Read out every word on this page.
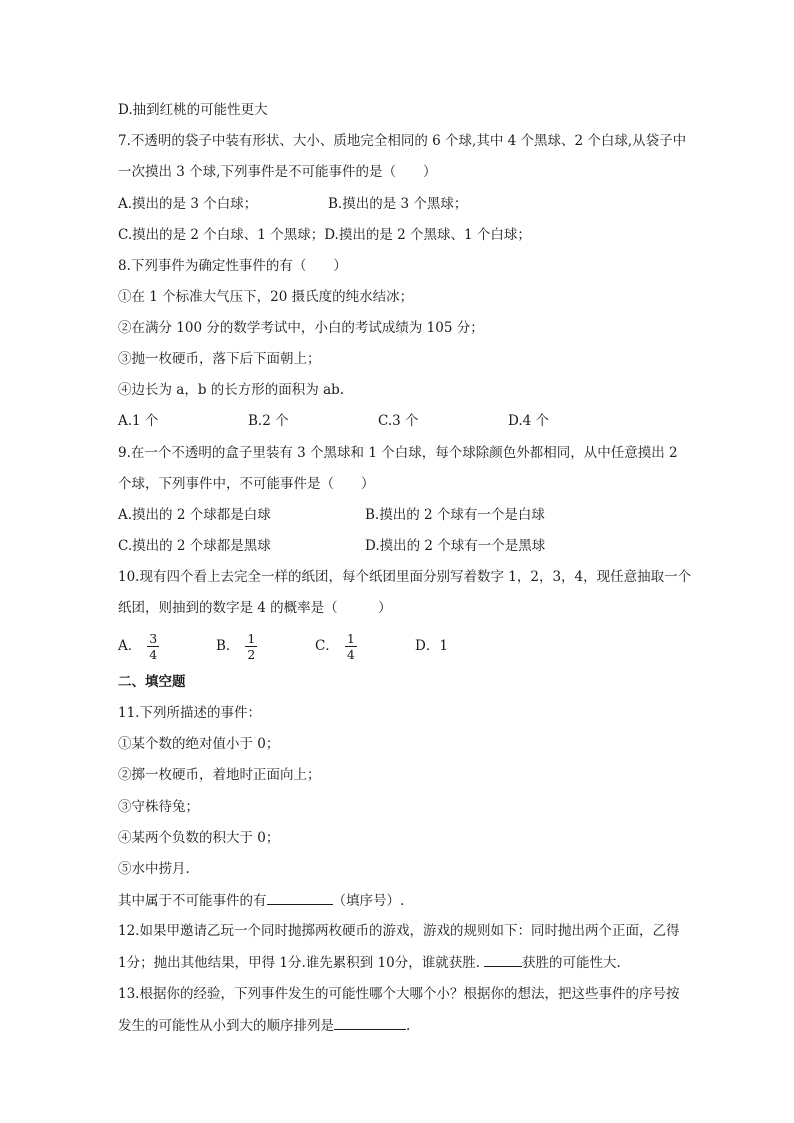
D.抽到红桃的可能性更大
7.不透明的袋子中装有形状、大小、质地完全相同的 6 个球,其中 4 个黑球、2 个白球,从袋子中
一次摸出 3 个球,下列事件是不可能事件的是（　　）
A.摸出的是 3 个白球；	B.摸出的是 3 个黑球；
C.摸出的是 2 个白球、1 个黑球；D.摸出的是 2 个黑球、1 个白球；
8.下列事件为确定性事件的有（　　）
①在 1 个标准大气压下，20 摄氏度的纯水结冰；
②在满分 100 分的数学考试中，小白的考试成绩为 105 分；
③抛一枚硬币，落下后下面朝上；
④边长为 a，b 的长方形的面积为 ab.
A.1 个	B.2 个	C.3 个	D.4 个
9.在一个不透明的盒子里装有 3 个黑球和 1 个白球，每个球除颜色外都相同，从中任意摸出 2
个球，下列事件中，不可能事件是（　　）
A.摸出的 2 个球都是白球	B.摸出的 2 个球有一个是白球
C.摸出的 2 个球都是黑球	D.摸出的 2 个球有一个是黑球
10.现有四个看上去完全一样的纸团，每个纸团里面分别写着数字 1，2，3，4，现任意抽取一个
纸团，则抽到的数字是 4 的概率是（　　　）
A． $\frac{3}{4}$	B． $\frac{1}{2}$	C． $\frac{1}{4}$	D．1
二、填空题
11.下列所描述的事件：
①某个数的绝对值小于 0；
②掷一枚硬币，着地时正面向上；
③守株待兔；
④某两个负数的积大于 0；
⑤水中捞月.
其中属于不可能事件的有	（填序号）.
12.如果甲邀请乙玩一个同时抛掷两枚硬币的游戏，游戏的规则如下：同时抛出两个正面，乙得
1分；抛出其他结果，甲得 1分.谁先累积到 10分，谁就获胜.	获胜的可能性大.
13.根据你的经验，下列事件发生的可能性哪个大哪个小？根据你的想法，把这些事件的序号按
发生的可能性从小到大的顺序排列是	.
